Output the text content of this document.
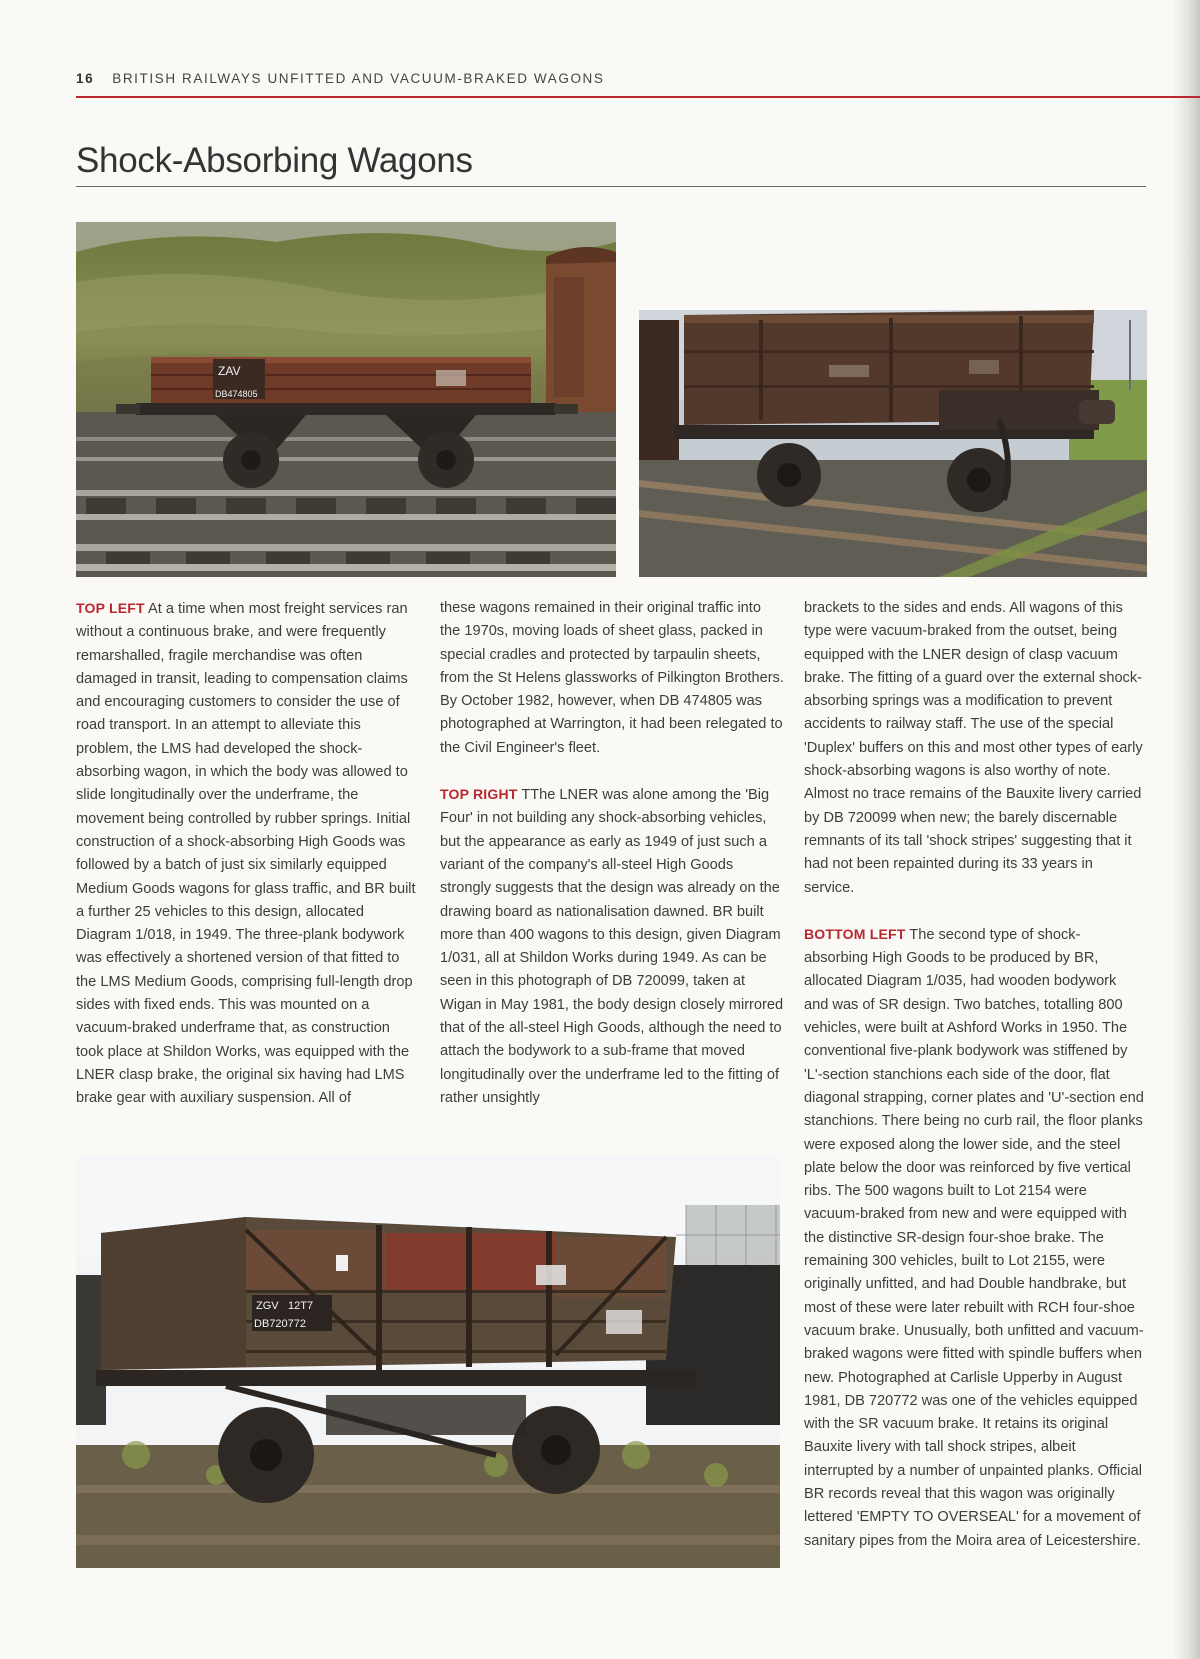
16 BRITISH RAILWAYS UNFITTED AND VACUUM-BRAKED WAGONS
Shock-Absorbing Wagons
ZAV
DB474805
ZGV 12T7
DB720772

TOP LEFT At a time when most freight services ran without a continuous brake, and were frequently remarshalled, fragile merchandise was often damaged in transit, leading to compensation claims and encouraging customers to consider the use of road transport. In an attempt to alleviate this problem, the LMS had developed the shock-absorbing wagon, in which the body was allowed to slide longitudinally over the underframe, the movement being controlled by rubber springs. Initial construction of a shock-absorbing High Goods was followed by a batch of just six similarly equipped Medium Goods wagons for glass traffic, and BR built a further 25 vehicles to this design, allocated Diagram 1/018, in 1949. The three-plank bodywork was effectively a shortened version of that fitted to the LMS Medium Goods, comprising full-length drop sides with fixed ends. This was mounted on a vacuum-braked underframe that, as construction took place at Shildon Works, was equipped with the LNER clasp brake, the original six having had LMS brake gear with auxiliary suspension. All of

these wagons remained in their original traffic into the 1970s, moving loads of sheet glass, packed in special cradles and protected by tarpaulin sheets, from the St Helens glassworks of Pilkington Brothers. By October 1982, however, when DB 474805 was photographed at Warrington, it had been relegated to the Civil Engineer's fleet.

TOP RIGHT TThe LNER was alone among the 'Big Four' in not building any shock-absorbing vehicles, but the appearance as early as 1949 of just such a variant of the company's all-steel High Goods strongly suggests that the design was already on the drawing board as nationalisation dawned. BR built more than 400 wagons to this design, given Diagram 1/031, all at Shildon Works during 1949. As can be seen in this photograph of DB 720099, taken at Wigan in May 1981, the body design closely mirrored that of the all-steel High Goods, although the need to attach the bodywork to a sub-frame that moved longitudinally over the underframe led to the fitting of rather unsightly

brackets to the sides and ends. All wagons of this type were vacuum-braked from the outset, being equipped with the LNER design of clasp vacuum brake. The fitting of a guard over the external shock-absorbing springs was a modification to prevent accidents to railway staff. The use of the special 'Duplex' buffers on this and most other types of early shock-absorbing wagons is also worthy of note. Almost no trace remains of the Bauxite livery carried by DB 720099 when new; the barely discernable remnants of its tall 'shock stripes' suggesting that it had not been repainted during its 33 years in service.

BOTTOM LEFT The second type of shock-absorbing High Goods to be produced by BR, allocated Diagram 1/035, had wooden bodywork and was of SR design. Two batches, totalling 800 vehicles, were built at Ashford Works in 1950. The conventional five-plank bodywork was stiffened by 'L'-section stanchions each side of the door, flat diagonal strapping, corner plates and 'U'-section end stanchions. There being no curb rail, the floor planks were exposed along the lower side, and the steel plate below the door was reinforced by five vertical ribs. The 500 wagons built to Lot 2154 were vacuum-braked from new and were equipped with the distinctive SR-design four-shoe brake. The remaining 300 vehicles, built to Lot 2155, were originally unfitted, and had Double handbrake, but most of these were later rebuilt with RCH four-shoe vacuum brake. Unusually, both unfitted and vacuum-braked wagons were fitted with spindle buffers when new. Photographed at Carlisle Upperby in August 1981, DB 720772 was one of the vehicles equipped with the SR vacuum brake. It retains its original Bauxite livery with tall shock stripes, albeit interrupted by a number of unpainted planks. Official BR records reveal that this wagon was originally lettered 'EMPTY TO OVERSEAL' for a movement of sanitary pipes from the Moira area of Leicestershire.
